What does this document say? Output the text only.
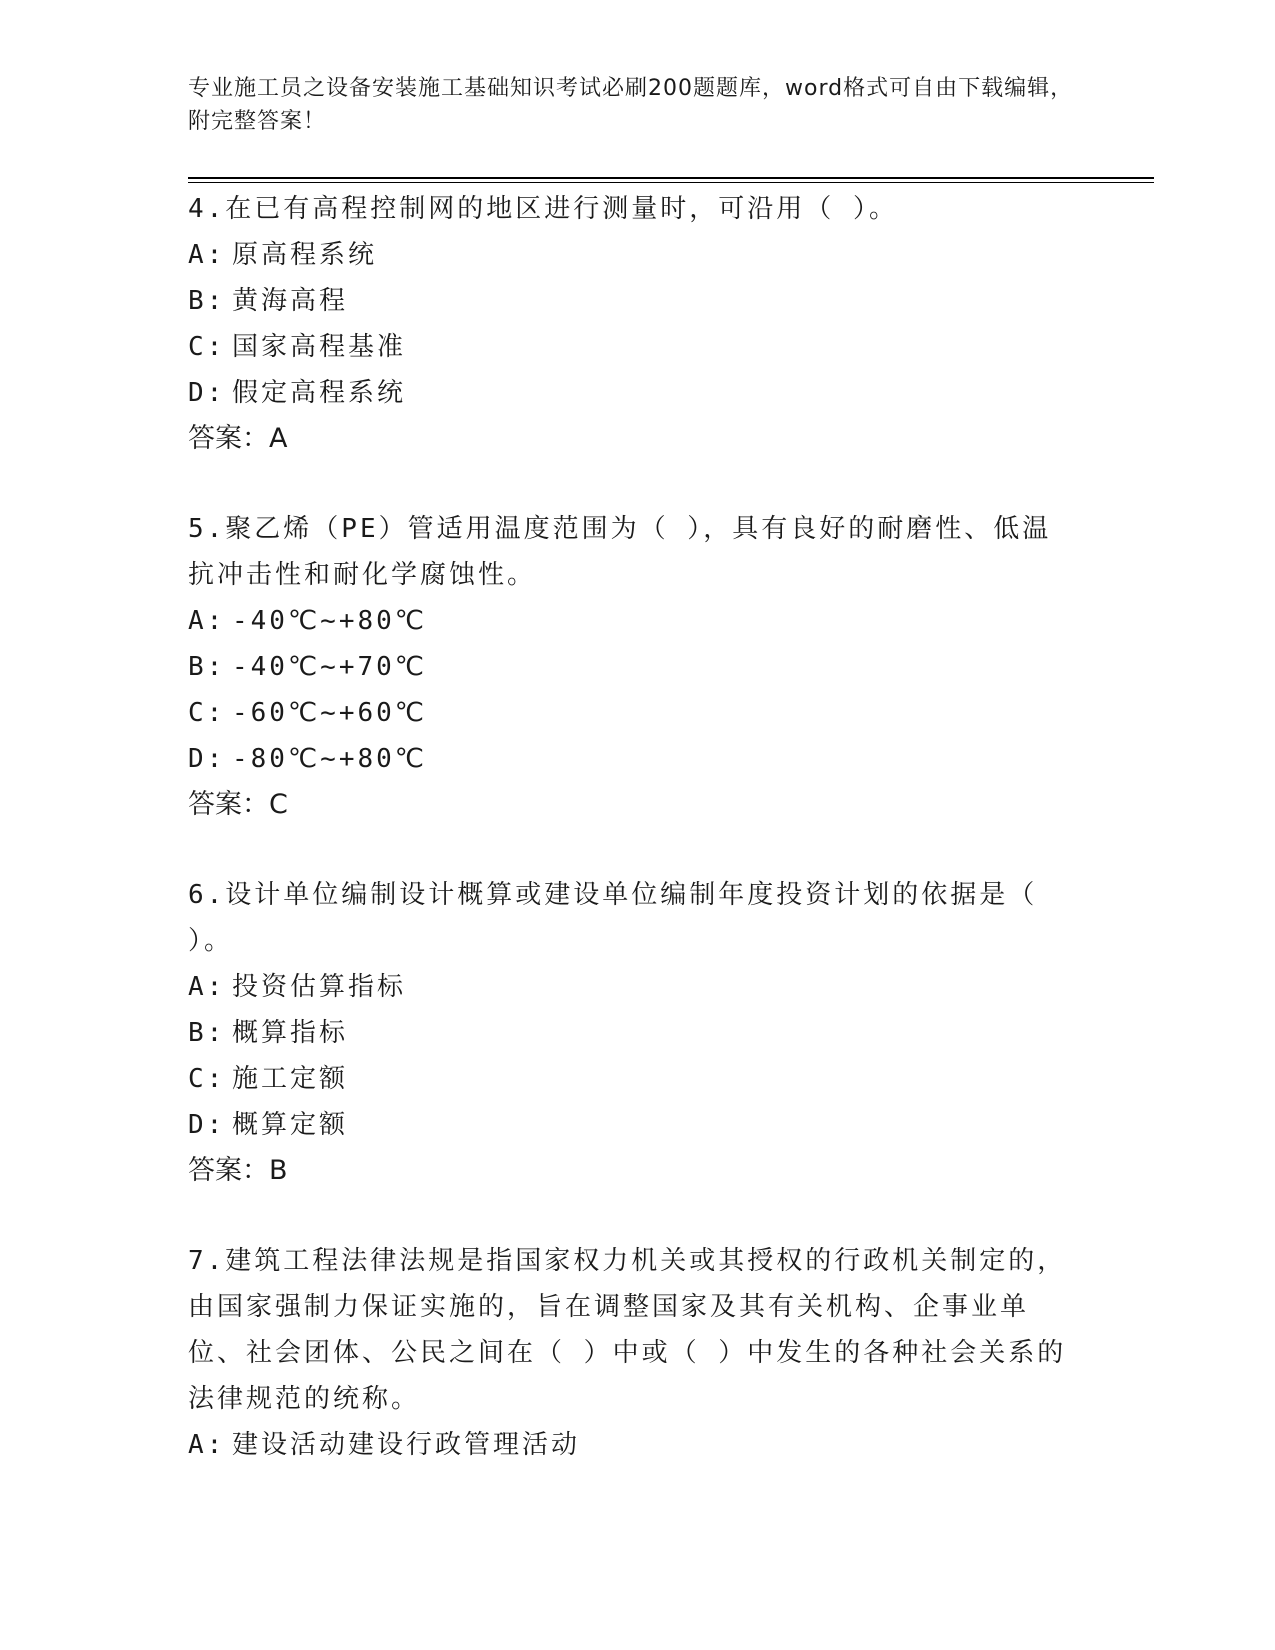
专业施工员之设备安装施工基础知识考试必刷200题题库，word格式可自由下载编辑，附完整答案！

4.在已有高程控制网的地区进行测量时，可沿用（ ）。

A: 原高程系统

B: 黄海高程

C: 国家高程基准

D: 假定高程系统

答案：A

5.聚乙烯（PE）管适用温度范围为（ ），具有良好的耐磨性、低温抗冲击性和耐化学腐蚀性。

A: -40℃~+80℃

B: -40℃~+70℃

C: -60℃~+60℃

D: -80℃~+80℃

答案：C

6.设计单位编制设计概算或建设单位编制年度投资计划的依据是（ ）。

A: 投资估算指标

B: 概算指标

C: 施工定额

D: 概算定额

答案：B

7.建筑工程法律法规是指国家权力机关或其授权的行政机关制定的，由国家强制力保证实施的，旨在调整国家及其有关机构、企事业单位、社会团体、公民之间在（ ）中或（ ）中发生的各种社会关系的法律规范的统称。

A: 建设活动建设行政管理活动
